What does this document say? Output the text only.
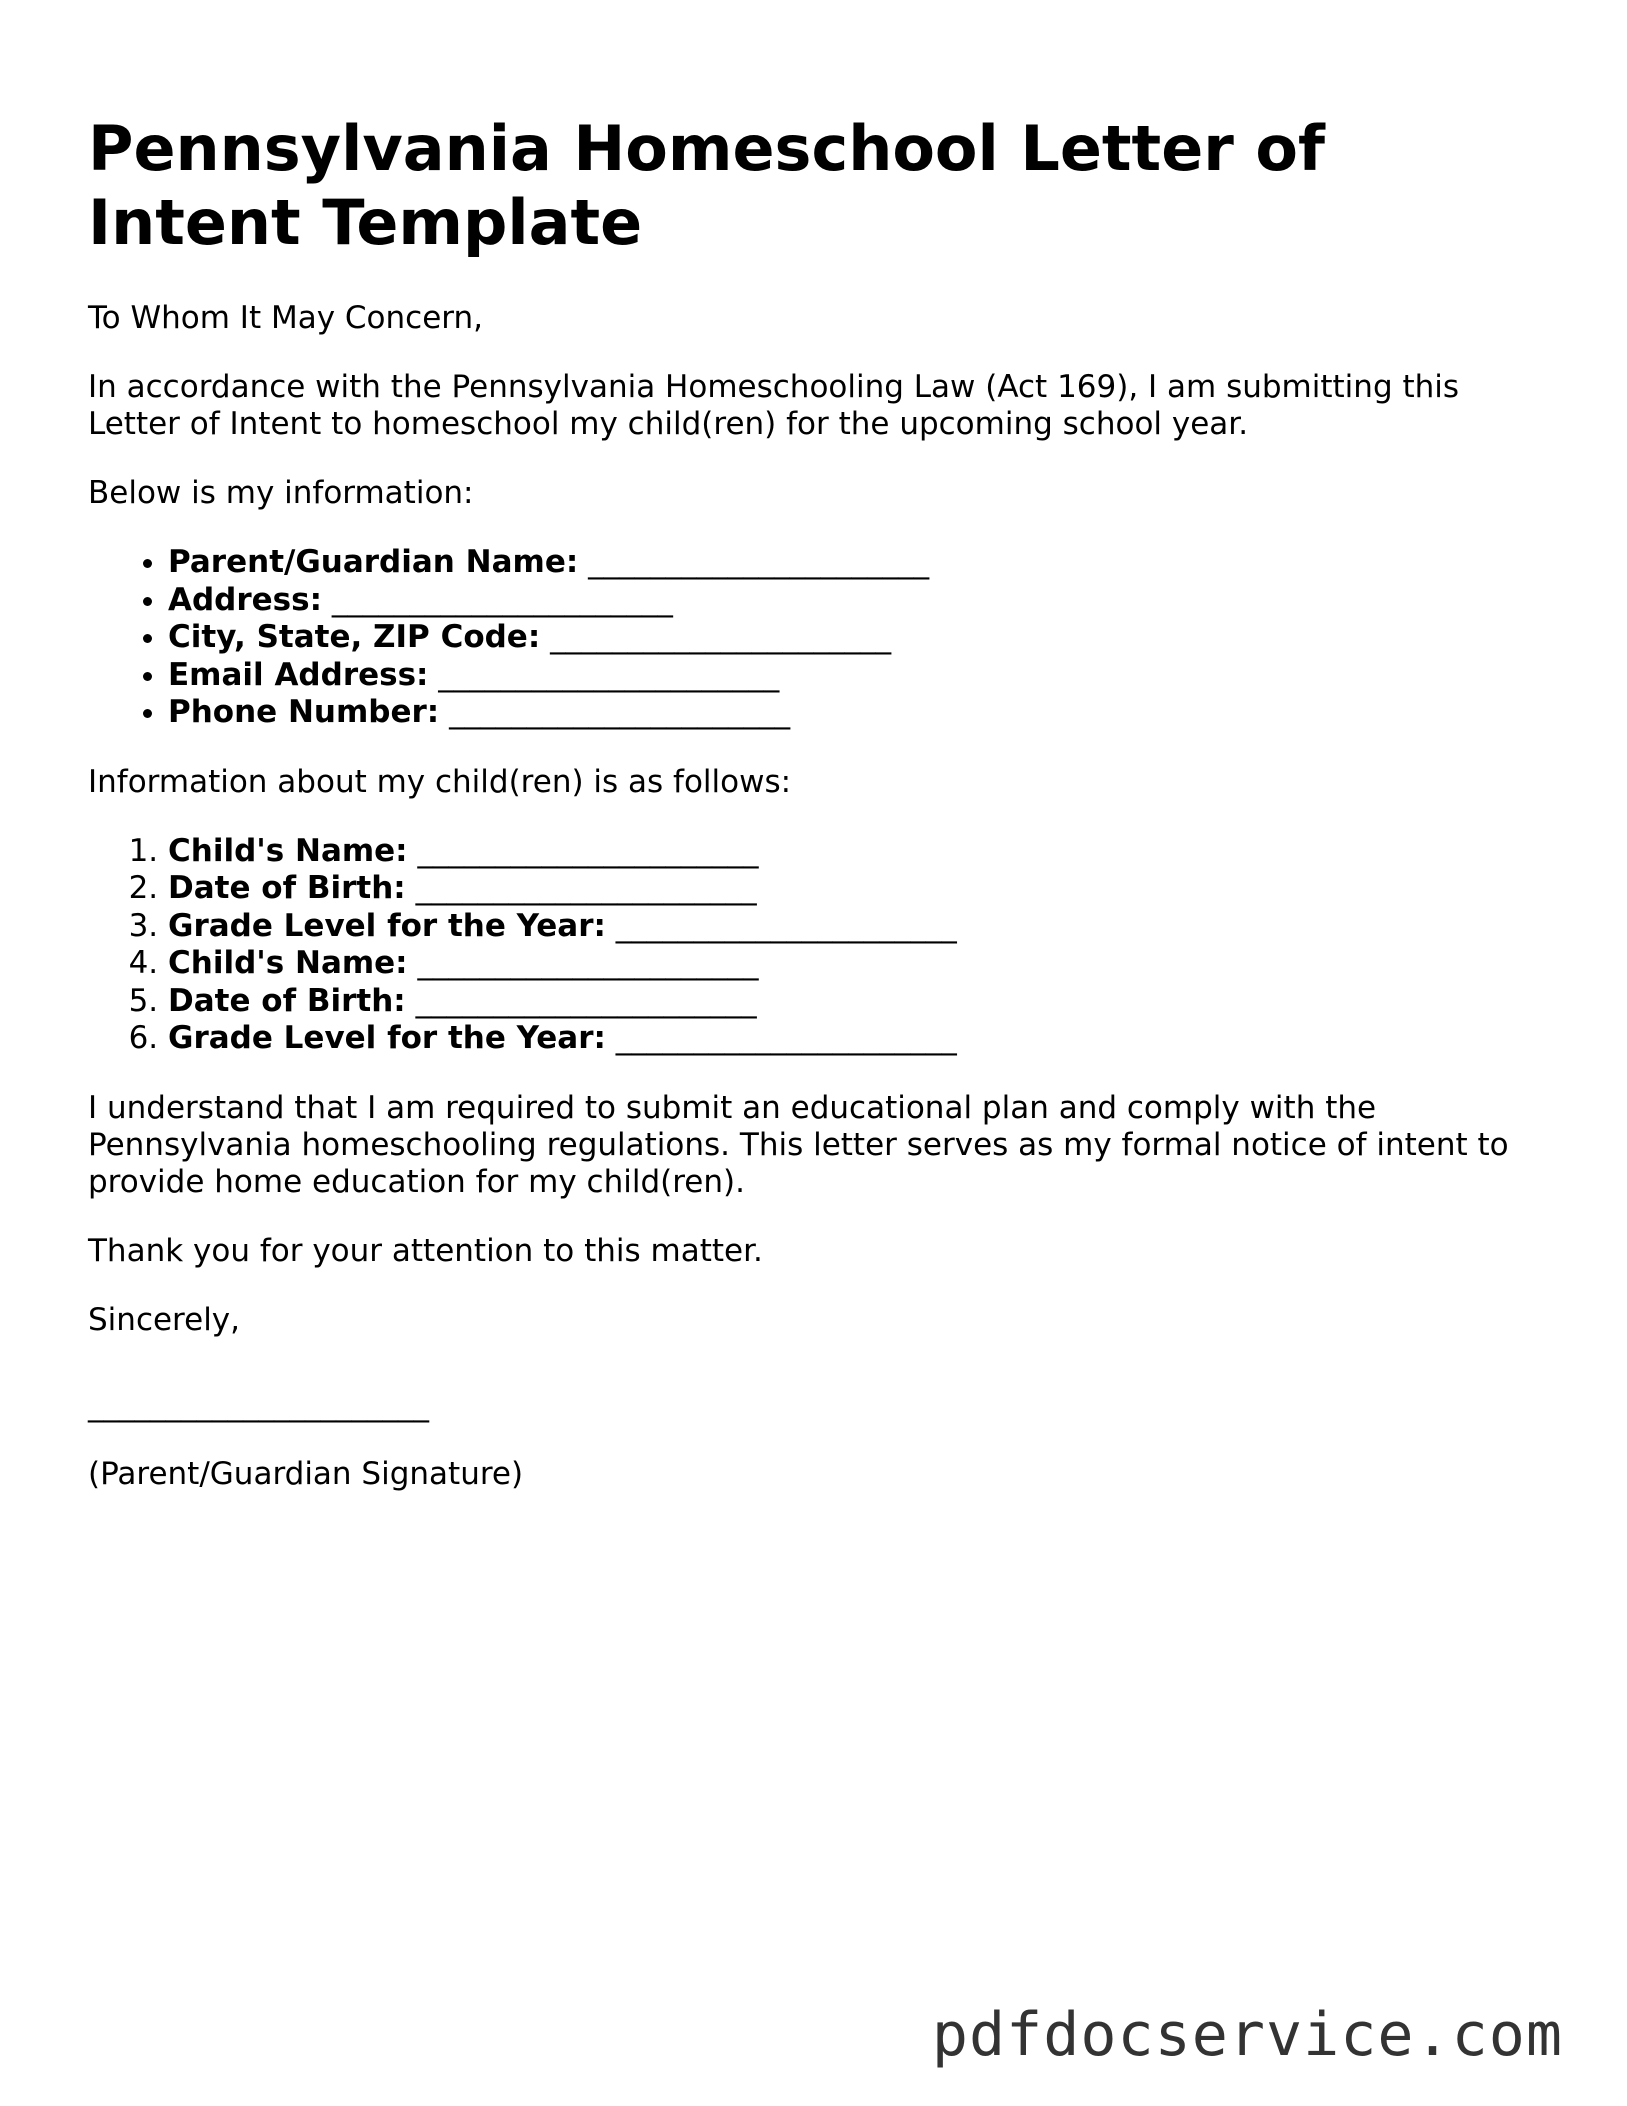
Pennsylvania Homeschool Letter of Intent Template

To Whom It May Concern,

In accordance with the Pennsylvania Homeschooling Law (Act 169), I am submitting this Letter of Intent to homeschool my child(ren) for the upcoming school year.

Below is my information:

• Parent/Guardian Name: ______________________
• Address: ______________________
• City, State, ZIP Code: ______________________
• Email Address: ______________________
• Phone Number: ______________________

Information about my child(ren) is as follows:

1. Child's Name: ______________________
2. Date of Birth: ______________________
3. Grade Level for the Year: ______________________
4. Child's Name: ______________________
5. Date of Birth: ______________________
6. Grade Level for the Year: ______________________

I understand that I am required to submit an educational plan and comply with the Pennsylvania homeschooling regulations. This letter serves as my formal notice of intent to provide home education for my child(ren).

Thank you for your attention to this matter.

Sincerely,

______________________

(Parent/Guardian Signature)

pdfdocservice.com
